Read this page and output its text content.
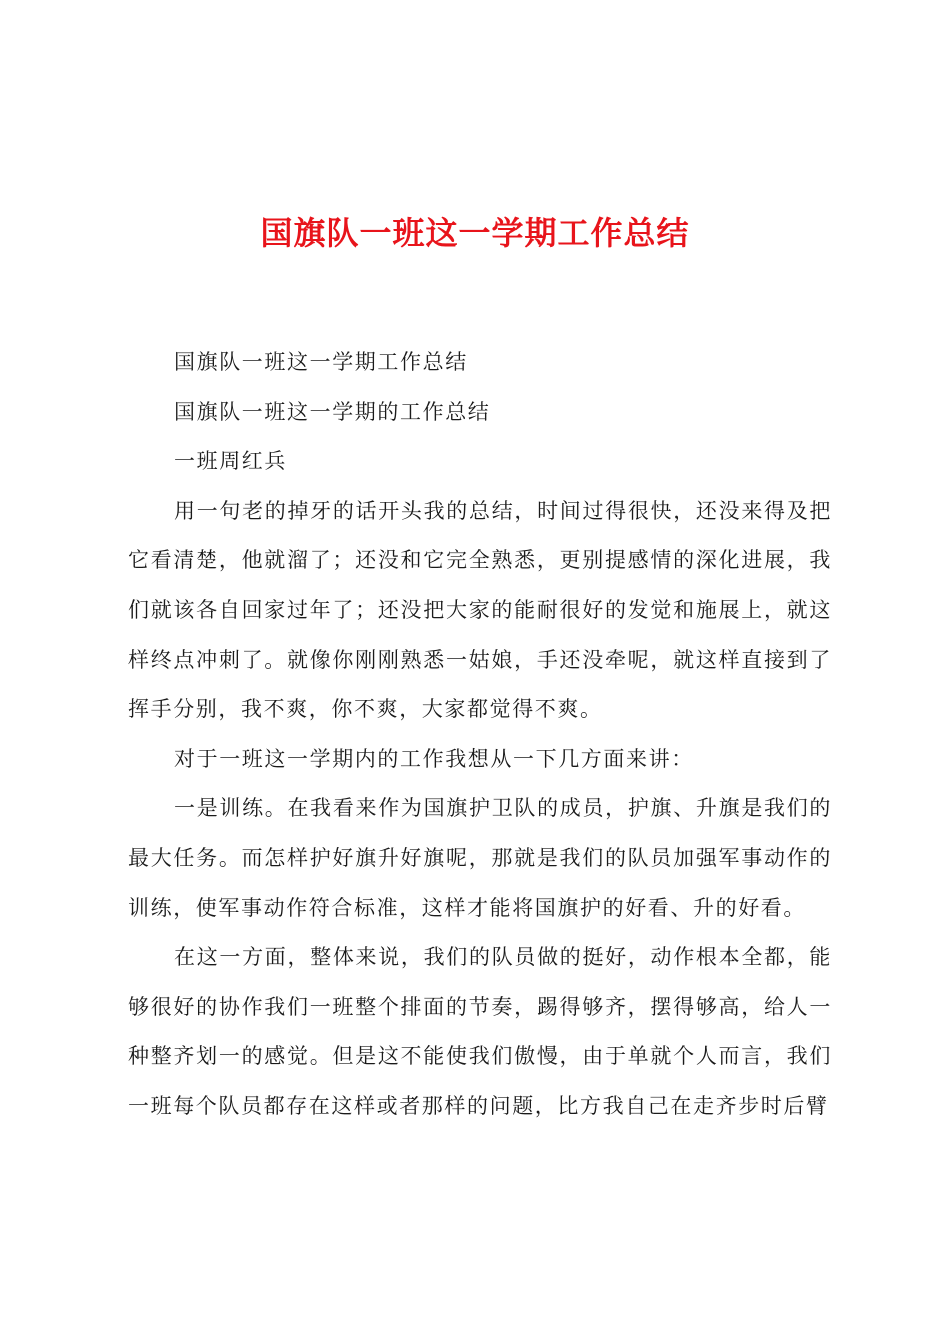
国旗队一班这一学期工作总结

国旗队一班这一学期工作总结

国旗队一班这一学期的工作总结

一班周红兵

用一句老的掉牙的话开头我的总结，时间过得很快，还没来得及把它看清楚，他就溜了；还没和它完全熟悉，更别提感情的深化进展，我们就该各自回家过年了；还没把大家的能耐很好的发觉和施展上，就这样终点冲刺了。就像你刚刚熟悉一姑娘，手还没牵呢，就这样直接到了挥手分别，我不爽，你不爽，大家都觉得不爽。

对于一班这一学期内的工作我想从一下几方面来讲：

一是训练。在我看来作为国旗护卫队的成员，护旗、升旗是我们的最大任务。而怎样护好旗升好旗呢，那就是我们的队员加强军事动作的训练，使军事动作符合标准，这样才能将国旗护的好看、升的好看。

在这一方面，整体来说，我们的队员做的挺好，动作根本全都，能够很好的协作我们一班整个排面的节奏，踢得够齐，摆得够高，给人一种整齐划一的感觉。但是这不能使我们傲慢，由于单就个人而言，我们一班每个队员都存在这样或者那样的问题，比方我自己在走齐步时后臂
